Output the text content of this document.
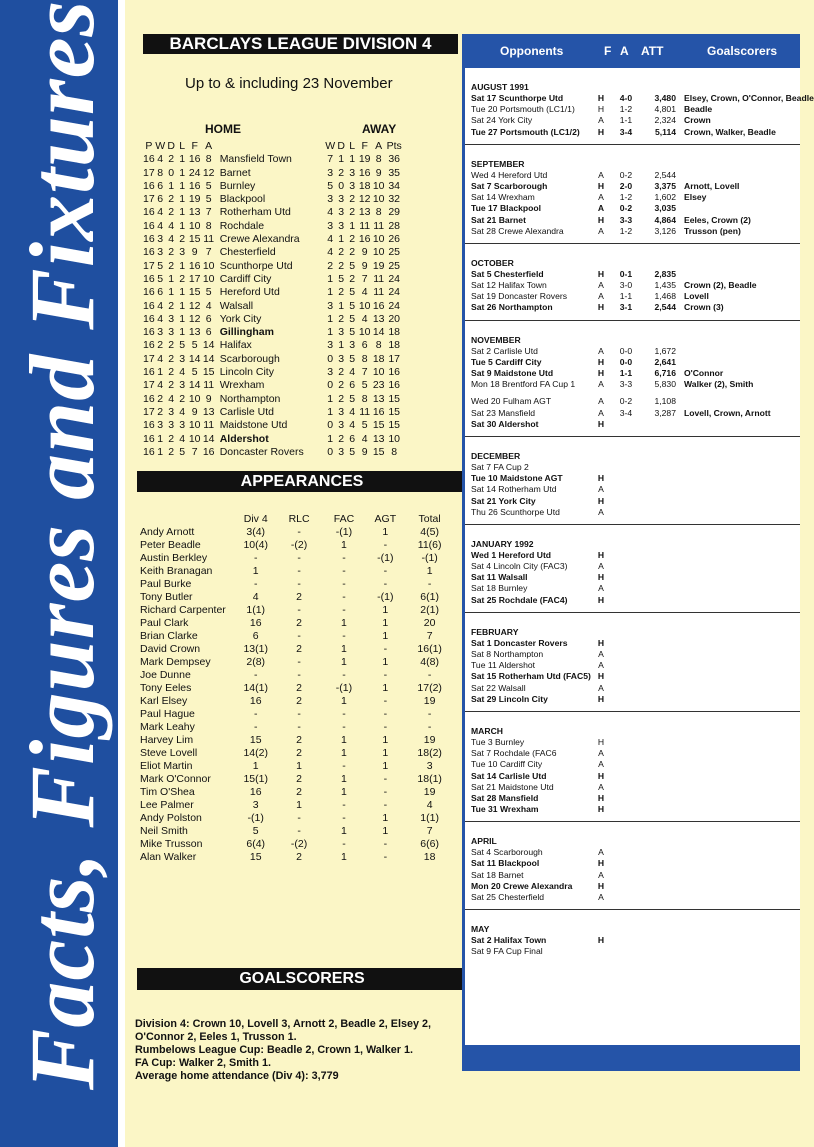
Facts, Figures and Fixtures	BARCLAYS LEAGUE DIVISION 4
Up to & including 23 November
HOME	AWAY
P	W	D	L	F	A		W	D	L	F	A	Pts
16	4	2	1	16	8	Mansfield Town	7	1	1	19	8	36
17	8	0	1	24	12	Barnet	3	2	3	16	9	35
16	6	1	1	16	5	Burnley	5	0	3	18	10	34
17	6	2	1	19	5	Blackpool	3	3	2	12	10	32
16	4	2	1	13	7	Rotherham Utd	4	3	2	13	8	29
16	4	4	1	10	8	Rochdale	3	3	1	11	11	28
16	3	4	2	15	11	Crewe Alexandra	4	1	2	16	10	26
16	3	2	3	9	7	Chesterfield	4	2	2	9	10	25
17	5	2	1	16	10	Scunthorpe Utd	2	2	5	9	19	25
16	5	1	2	17	10	Cardiff City	1	5	2	7	11	24
16	6	1	1	15	5	Hereford Utd	1	2	5	4	11	24
16	4	2	1	12	4	Walsall	3	1	5	10	16	24
16	4	3	1	12	6	York City	1	2	5	4	13	20
16	3	3	1	13	6	Gillingham	1	3	5	10	14	18
16	2	2	5	5	14	Halifax	3	1	3	6	8	18
17	4	2	3	14	14	Scarborough	0	3	5	8	18	17
16	1	2	4	5	15	Lincoln City	3	2	4	7	10	16
17	4	2	3	14	11	Wrexham	0	2	6	5	23	16
16	2	4	2	10	9	Northampton	1	2	5	8	13	15
17	2	3	4	9	13	Carlisle Utd	1	3	4	11	16	15
16	3	3	3	10	11	Maidstone Utd	0	3	4	5	15	15
16	1	2	4	10	14	Aldershot	1	2	6	4	13	10
16	1	2	5	7	16	Doncaster Rovers	0	3	5	9	15	8
APPEARANCES
	Div 4	RLC	FAC	AGT	Total
Andy Arnott	3(4)	-	-(1)	1	4(5)
Peter Beadle	10(4)	-(2)	1	-	11(6)
Austin Berkley	-	-	-	-(1)	-(1)
Keith Branagan	1	-	-	-	1
Paul Burke	-	-	-	-	-
Tony Butler	4	2	-	-(1)	6(1)
Richard Carpenter	1(1)	-	-	1	2(1)
Paul Clark	16	2	1	1	20
Brian Clarke	6	-	-	1	7
David Crown	13(1)	2	1	-	16(1)
Mark Dempsey	2(8)	-	1	1	4(8)
Joe Dunne	-	-	-	-	-
Tony Eeles	14(1)	2	-(1)	1	17(2)
Karl Elsey	16	2	1	-	19
Paul Hague	-	-	-	-	-
Mark Leahy	-	-	-	-	-
Harvey Lim	15	2	1	1	19
Steve Lovell	14(2)	2	1	1	18(2)
Eliot Martin	1	1	-	1	3
Mark O'Connor	15(1)	2	1	-	18(1)
Tim O'Shea	16	2	1	-	19
Lee Palmer	3	1	-	-	4
Andy Polston	-(1)	-	-	1	1(1)
Neil Smith	5	-	1	1	7
Mike Trusson	6(4)	-(2)	-	-	6(6)
Alan Walker	15	2	1	-	18
GOALSCORERS
Division 4: Crown 10, Lovell 3, Arnott 2, Beadle 2, Elsey 2, O'Connor 2, Eeles 1, Trusson 1.
Rumbelows League Cup: Beadle 2, Crown 1, Walker 1.
FA Cup: Walker 2, Smith 1.
Average home attendance (Div 4): 3,779
Opponents	F A ATT	Goalscorers
AUGUST 1991
Sat 17 Scunthorpe Utd	H	4-0	3,480 Elsey, Crown, O'Connor, Beadle
Tue 20 Portsmouth (LC1/1)	H	1-2	4,801 Beadle
Sat 24 York City	A	1-1	2,324 Crown
Tue 27 Portsmouth (LC1/2)	H	3-4	5,114 Crown, Walker, Beadle
SEPTEMBER
Wed 4 Hereford Utd	A	0-2	2,544
Sat 7 Scarborough	H	2-0	3,375 Arnott, Lovell
Sat 14 Wrexham	A	1-2	1,602 Elsey
Tue 17 Blackpool	A	0-2	3,035
Sat 21 Barnet	H	3-3	4,864 Eeles, Crown (2)
Sat 28 Crewe Alexandra	A	1-2	3,126 Trusson (pen)
OCTOBER
Sat 5 Chesterfield	H	0-1	2,835
Sat 12 Halifax Town	A	3-0	1,435 Crown (2), Beadle
Sat 19 Doncaster Rovers	A	1-1	1,468 Lovell
Sat 26 Northampton	H	3-1	2,544 Crown (3)
NOVEMBER
Sat 2 Carlisle Utd	A	0-0	1,672
Tue 5 Cardiff City	H	0-0	2,641
Sat 9 Maidstone Utd	H	1-1	6,716 O'Connor
Mon 18 Brentford FA Cup 1	A	3-3	5,830 Walker (2), Smith
Wed 20 Fulham AGT	A	0-2	1,108
Sat 23 Mansfield	A	3-4	3,287 Lovell, Crown, Arnott
Sat 30 Aldershot	H
DECEMBER
Sat 7 FA Cup 2
Tue 10 Maidstone AGT	H
Sat 14 Rotherham Utd	A
Sat 21 York City	H
Thu 26 Scunthorpe Utd	A
JANUARY 1992
Wed 1 Hereford Utd	H
Sat 4 Lincoln City (FAC3)	A
Sat 11 Walsall	H
Sat 18 Burnley	A
Sat 25 Rochdale (FAC4)	H
FEBRUARY
Sat 1 Doncaster Rovers	H
Sat 8 Northampton	A
Tue 11 Aldershot	A
Sat 15 Rotherham Utd (FAC5) H
Sat 22 Walsall	A
Sat 29 Lincoln City	H
MARCH
Tue 3 Burnley	H
Sat 7 Rochdale (FAC6	A
Tue 10 Cardiff City	A
Sat 14 Carlisle Utd	H
Sat 21 Maidstone Utd	A
Sat 28 Mansfield	H
Tue 31 Wrexham	H
APRIL
Sat 4 Scarborough	A
Sat 11 Blackpool	H
Sat 18 Barnet	A
Mon 20 Crewe Alexandra	H
Sat 25 Chesterfield	A
MAY
Sat 2 Halifax Town	H
Sat 9 FA Cup Final
